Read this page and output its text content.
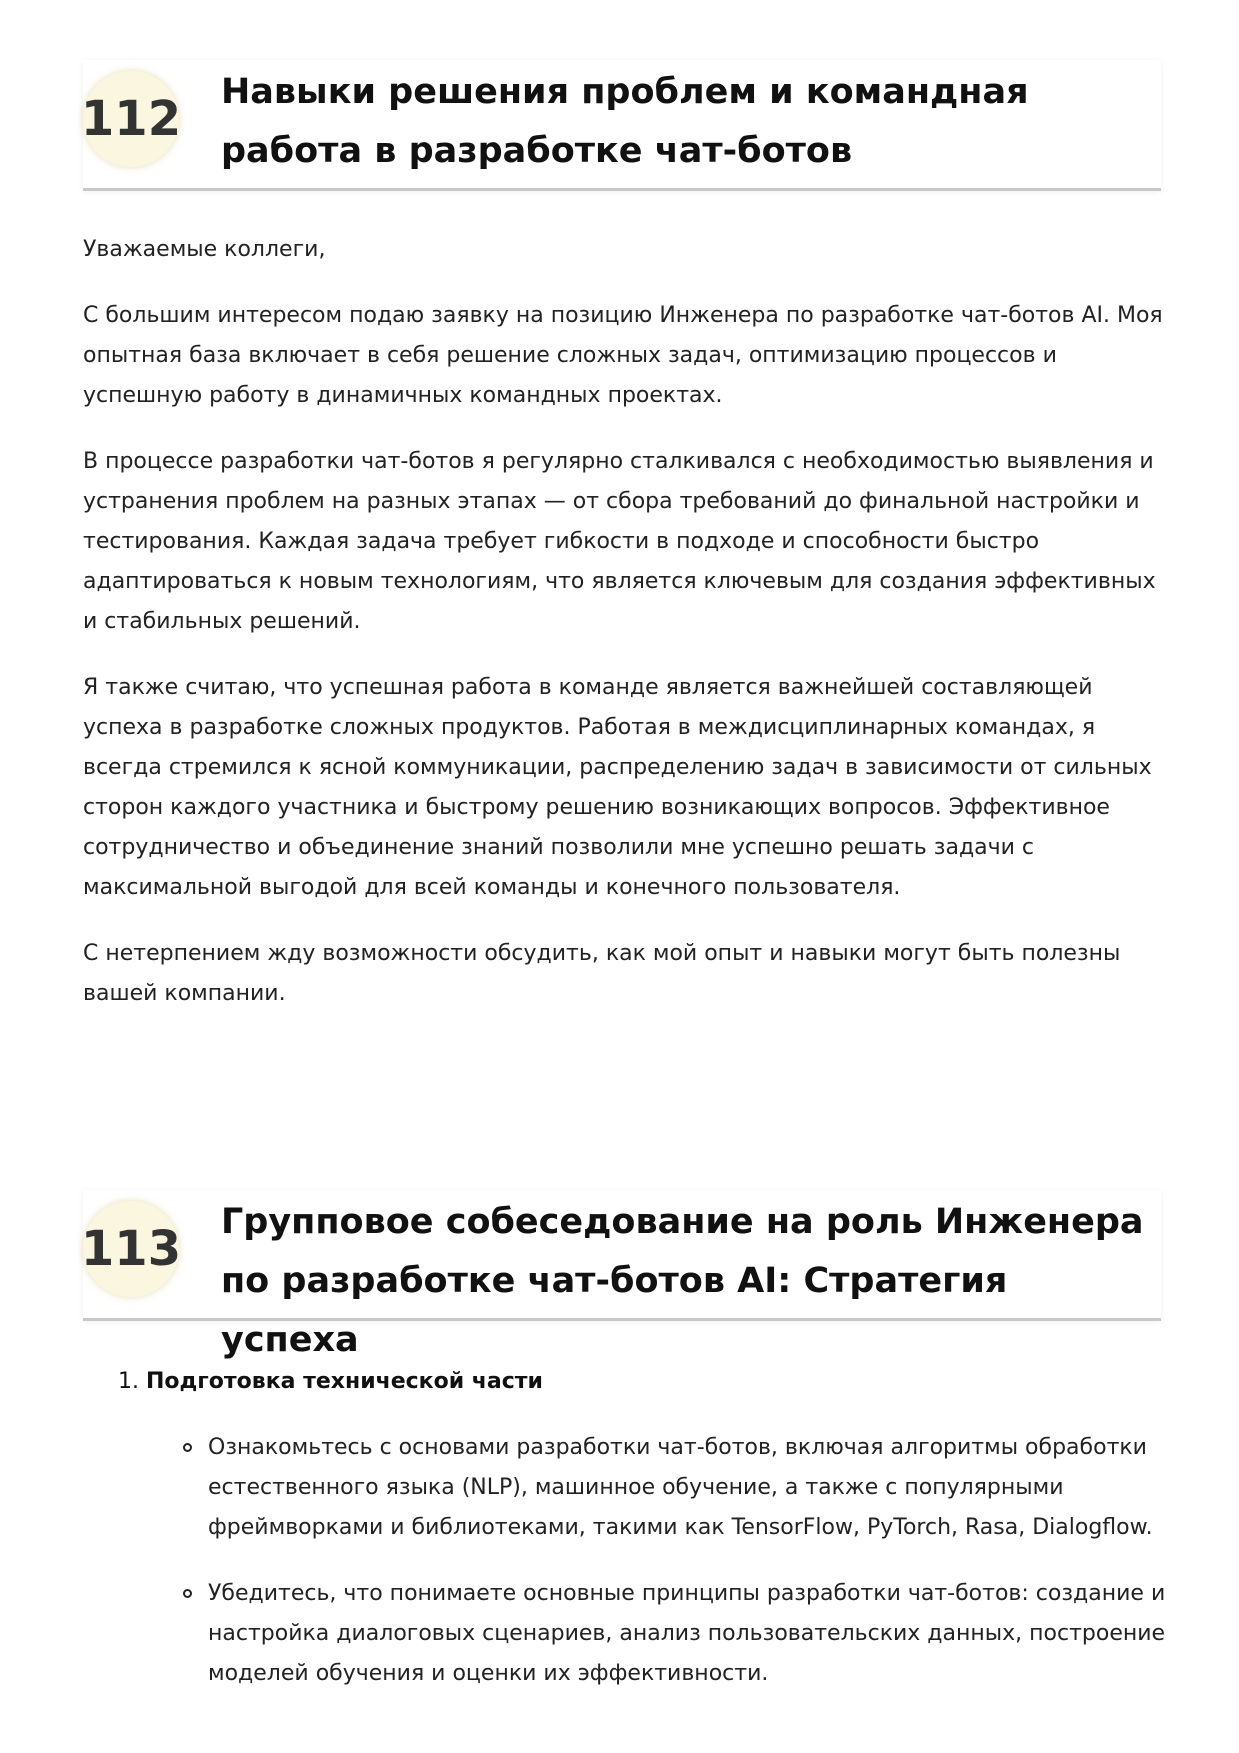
112 Навыки решения проблем и командная работа в разработке чат-ботов

Уважаемые коллеги,

С большим интересом подаю заявку на позицию Инженера по разработке чат-ботов AI. Моя опытная база включает в себя решение сложных задач, оптимизацию процессов и успешную работу в динамичных командных проектах.

В процессе разработки чат-ботов я регулярно сталкивался с необходимостью выявления и устранения проблем на разных этапах — от сбора требований до финальной настройки и тестирования. Каждая задача требует гибкости в подходе и способности быстро адаптироваться к новым технологиям, что является ключевым для создания эффективных и стабильных решений.

Я также считаю, что успешная работа в команде является важнейшей составляющей успеха в разработке сложных продуктов. Работая в междисциплинарных командах, я всегда стремился к ясной коммуникации, распределению задач в зависимости от сильных сторон каждого участника и быстрому решению возникающих вопросов. Эффективное сотрудничество и объединение знаний позволили мне успешно решать задачи с максимальной выгодой для всей команды и конечного пользователя.

С нетерпением жду возможности обсудить, как мой опыт и навыки могут быть полезны вашей компании.

113 Групповое собеседование на роль Инженера по разработке чат-ботов AI: Стратегия успеха
1. Подготовка технической части
Ознакомьтесь с основами разработки чат-ботов, включая алгоритмы обработки естественного языка (NLP), машинное обучение, а также с популярными фреймворками и библиотеками, такими как TensorFlow, PyTorch, Rasa, Dialogflow.
Убедитесь, что понимаете основные принципы разработки чат-ботов: создание и настройка диалоговых сценариев, анализ пользовательских данных, построение моделей обучения и оценки их эффективности.
